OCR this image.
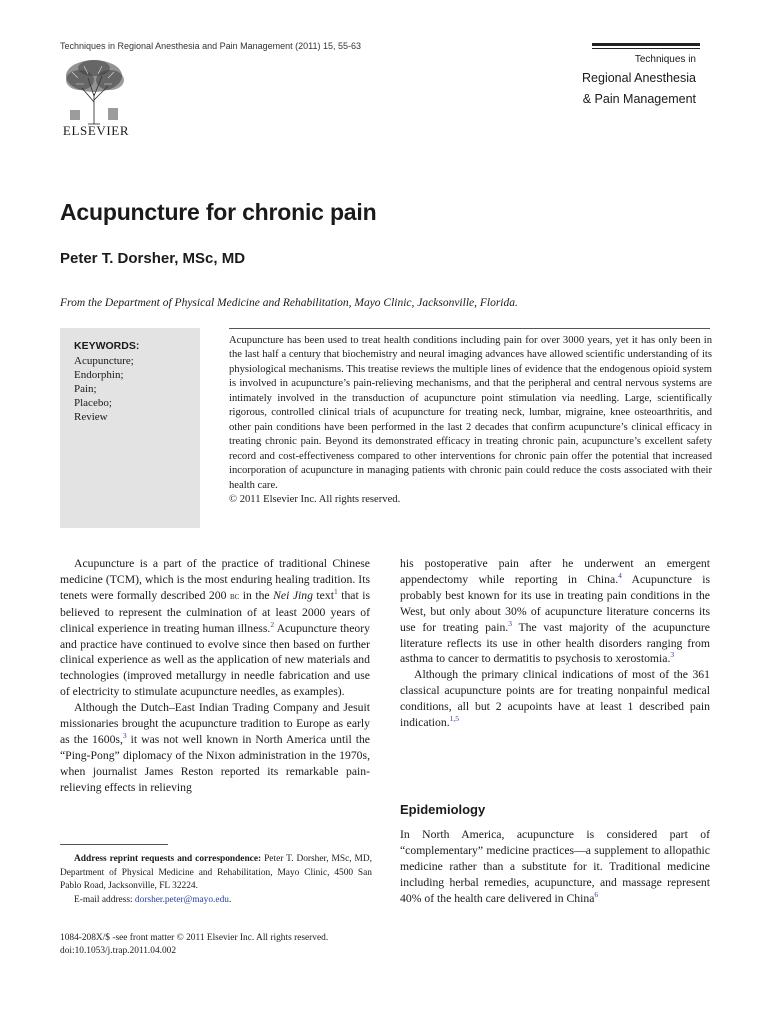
Techniques in Regional Anesthesia and Pain Management (2011) 15, 55-63
ELSEVIER
Techniques in
Regional Anesthesia
& Pain Management
Acupuncture for chronic pain
Peter T. Dorsher, MSc, MD
From the Department of Physical Medicine and Rehabilitation, Mayo Clinic, Jacksonville, Florida.
KEYWORDS:
Acupuncture;
Endorphin;
Pain;
Placebo;
Review

Acupuncture has been used to treat health conditions including pain for over 3000 years, yet it has only been in the last half a century that biochemistry and neural imaging advances have allowed scientific understanding of its physiological mechanisms. This treatise reviews the multiple lines of evidence that the endogenous opioid system is involved in acupuncture’s pain-relieving mechanisms, and that the peripheral and central nervous systems are intimately involved in the transduction of acupuncture point stimulation via needling. Large, scientifically rigorous, controlled clinical trials of acupuncture for treating neck, lumbar, migraine, knee osteoarthritis, and other pain conditions have been performed in the last 2 decades that confirm acupuncture’s clinical efficacy in treating chronic pain. Beyond its demonstrated efficacy in treating chronic pain, acupuncture’s excellent safety record and cost-effectiveness compared to other interventions for chronic pain offer the potential that increased incorporation of acupuncture in managing patients with chronic pain could reduce the costs associated with their health care.

© 2011 Elsevier Inc. All rights reserved.

Acupuncture is a part of the practice of traditional Chinese medicine (TCM), which is the most enduring healing tradition. Its tenets were formally described 200 bc in the Nei Jing text$^1$ that is believed to represent the culmination of at least 2000 years of clinical experience in treating human illness.$^2$ Acupuncture theory and practice have continued to evolve since then based on further clinical experience as well as the application of new materials and technologies (improved metallurgy in needle fabrication and use of electricity to stimulate acupuncture needles, as examples).

Although the Dutch–East Indian Trading Company and Jesuit missionaries brought the acupuncture tradition to Europe as early as the 1600s,$^3$ it was not well known in North America until the “Ping-Pong” diplomacy of the Nixon administration in the 1970s, when journalist James Reston reported its remarkable pain-relieving effects in relieving

his postoperative pain after he underwent an emergent appendectomy while reporting in China.$^4$ Acupuncture is probably best known for its use in treating pain conditions in the West, but only about 30% of acupuncture literature concerns its use for treating pain.$^3$ The vast majority of the acupuncture literature reflects its use in other health disorders ranging from asthma to cancer to dermatitis to psychosis to xerostomia.$^3$

Although the primary clinical indications of most of the 361 classical acupuncture points are for treating nonpainful medical conditions, all but 2 acupoints have at least 1 described pain indication.$^{1,5}$

Epidemiology

In North America, acupuncture is considered part of “complementary” medicine practices—a supplement to allopathic medicine rather than a substitute for it. Traditional medicine including herbal remedies, acupuncture, and massage represent 40% of the health care delivered in China$^6$

Address reprint requests and correspondence: Peter T. Dorsher, MSc, MD, Department of Physical Medicine and Rehabilitation, Mayo Clinic, 4500 San Pablo Road, Jacksonville, FL 32224.

E-mail address: dorsher.peter@mayo.edu.

1084-208X/$ -see front matter © 2011 Elsevier Inc. All rights reserved.
doi:10.1053/j.trap.2011.04.002
